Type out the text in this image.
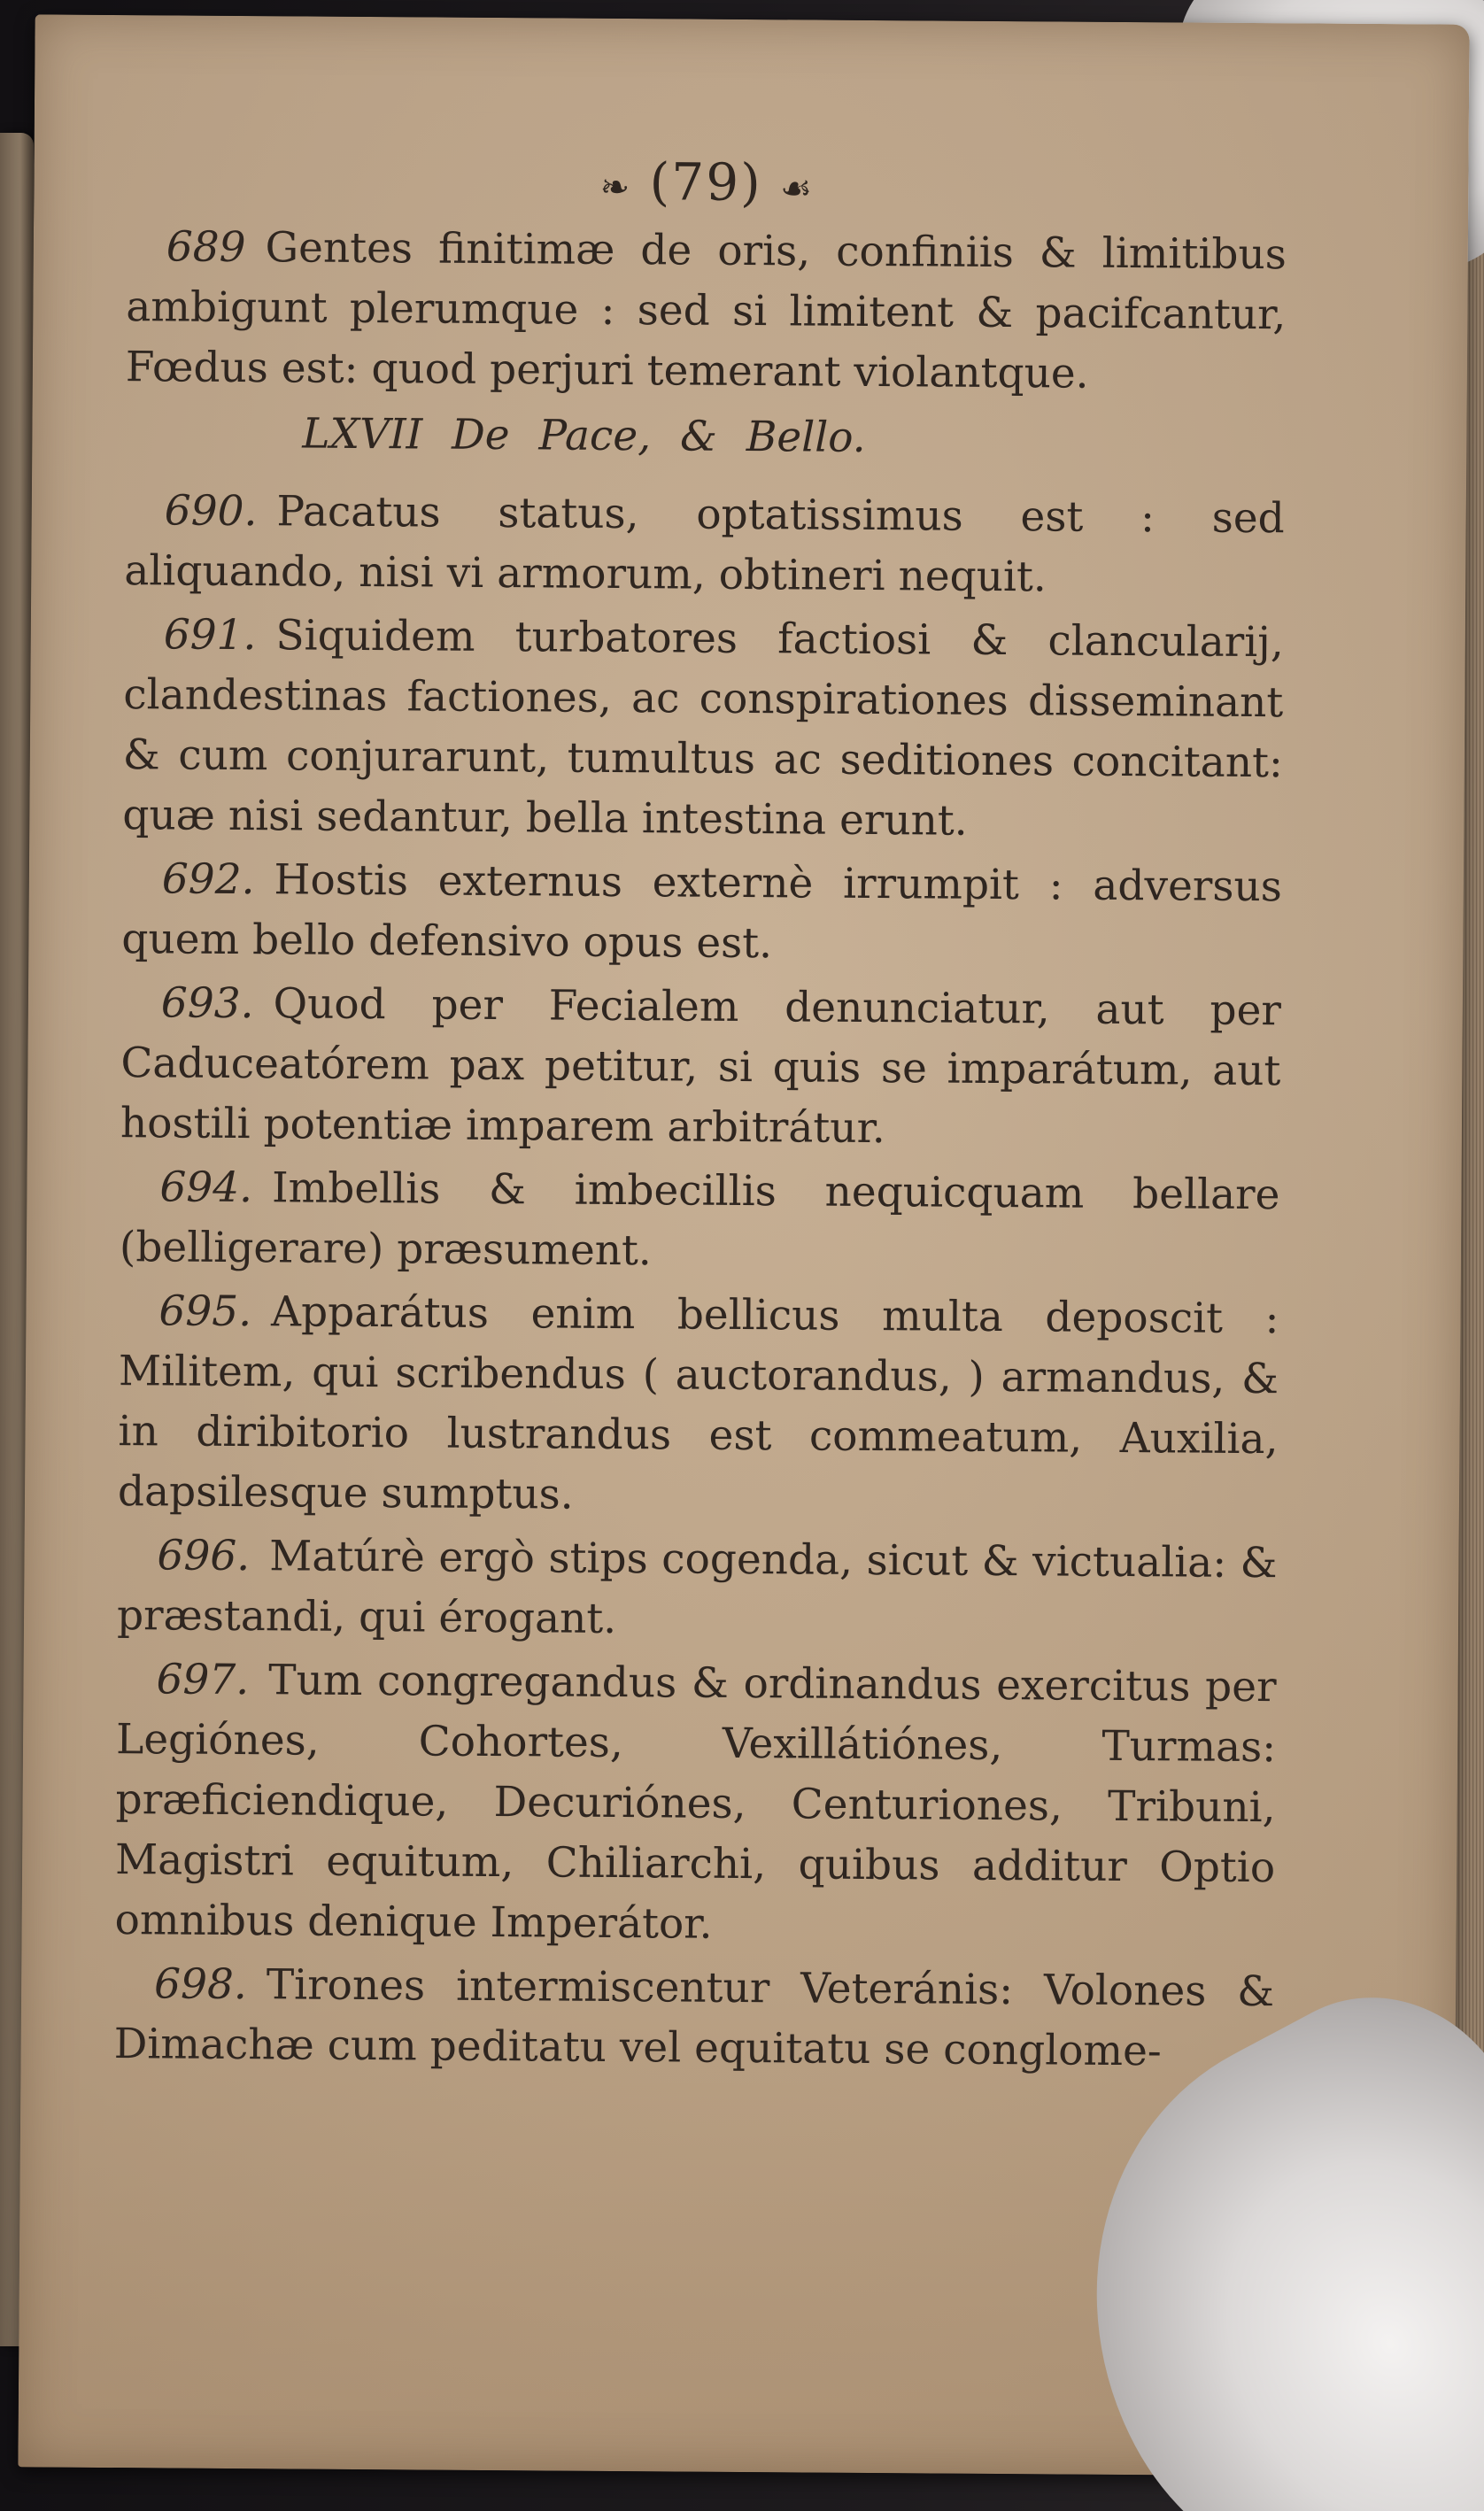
❧ (79) ☙

689 Gentes finitimæ de oris, confiniis & limitibus ambigunt plerumque : sed si limitent & pacifcantur, Fœdus est: quod perjuri temerant violantque.

LXVII De Pace, & Bello.

690. Pacatus status, optatissimus est : sed aliquando, nisi vi armorum, obtineri nequit.

691. Siquidem turbatores factiosi & clancularij, clandestinas factiones, ac conspirationes disseminant & cum conjurarunt, tumultus ac seditiones concitant: quæ nisi sedantur, bella intestina erunt.

692. Hostis externus externè irrumpit : adversus quem bello defensivo opus est.

693. Quod per Fecialem denunciatur, aut per Caduceatórem pax petitur, si quis se imparátum, aut hostili potentiæ imparem arbitrátur.

694. Imbellis & imbecillis nequicquam bellare (belligerare) præsument.

695. Apparátus enim bellicus multa deposcit : Militem, qui scribendus ( auctorandus, ) armandus, & in diribitorio lustrandus est commeatum, Auxilia, dapsilesque sumptus.

696. Matúrè ergò stips cogenda, sicut & victualia: & præstandi, qui érogant.

697. Tum congregandus & ordinandus exercitus per Legiónes, Cohortes, Vexillátiónes, Turmas: præficiendique, Decuriónes, Centuriones, Tribuni, Magistri equitum, Chiliarchi, quibus additur Optio omnibus denique Imperátor.

698. Tirones intermiscentur Veteránis: Volones & Dimachæ cum peditatu vel equitatu se conglome-
